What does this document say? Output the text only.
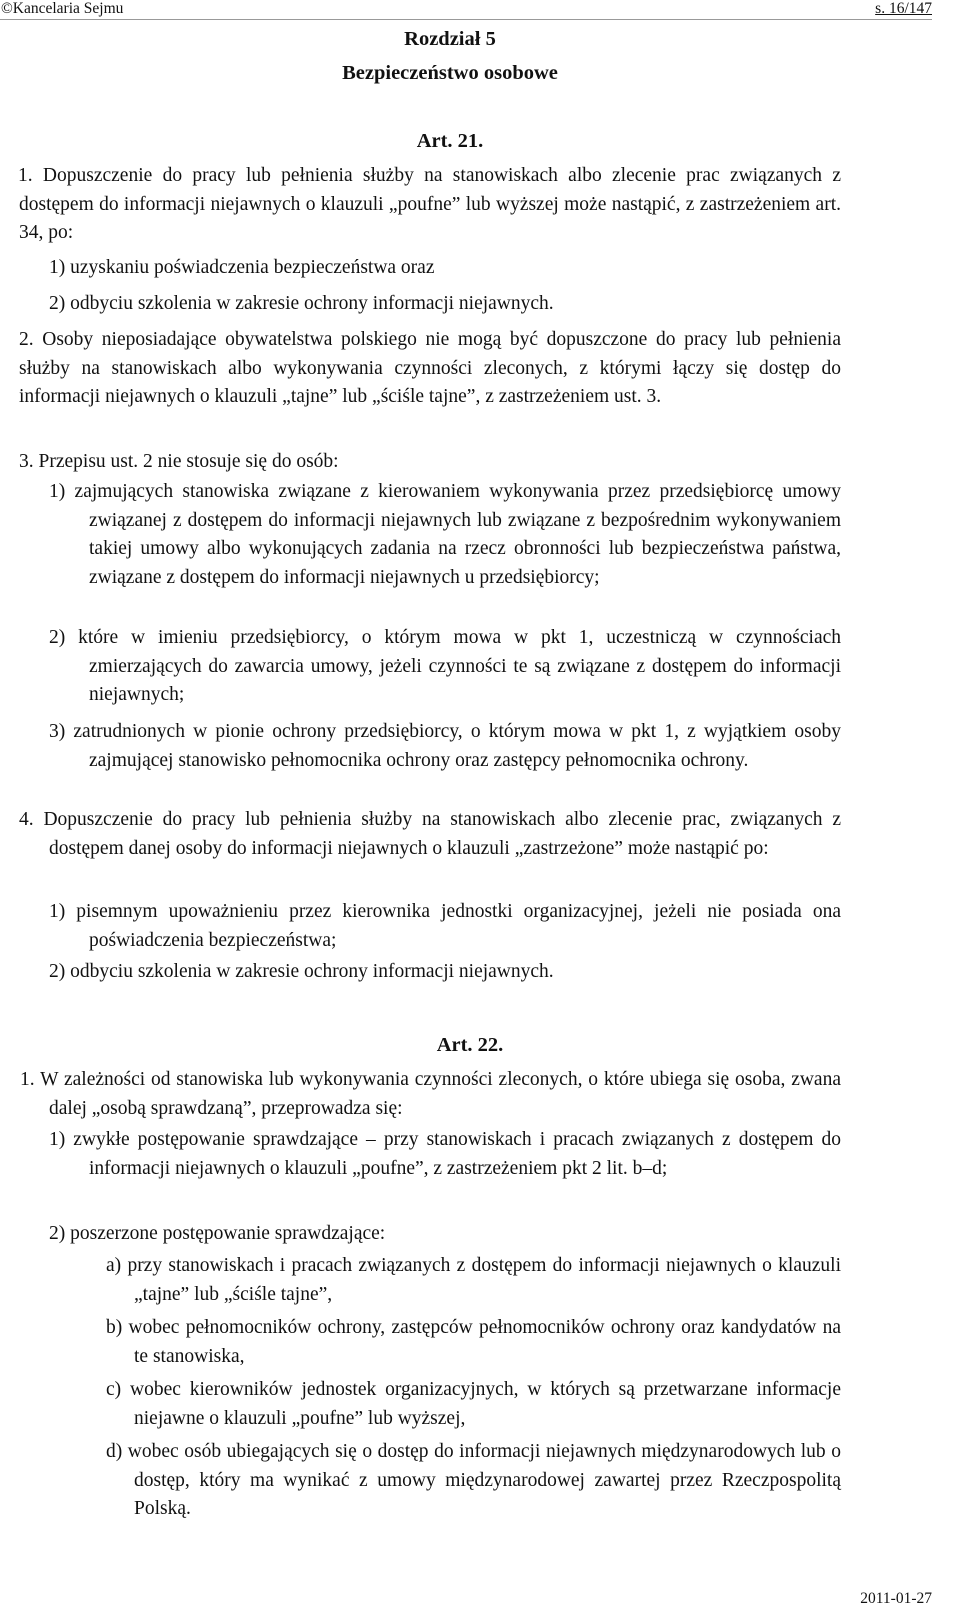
©Kancelaria Sejmu	s. 16/147
Rozdział 5
Bezpieczeństwo osobowe
Art. 21.

1. Dopuszczenie do pracy lub pełnienia służby na stanowiskach albo zlecenie prac związanych z dostępem do informacji niejawnych o klauzuli „poufne” lub wyższej może nastąpić, z zastrzeżeniem art. 34, po:

1) uzyskaniu poświadczenia bezpieczeństwa oraz

2) odbyciu szkolenia w zakresie ochrony informacji niejawnych.

2. Osoby nieposiadające obywatelstwa polskiego nie mogą być dopuszczone do pracy lub pełnienia służby na stanowiskach albo wykonywania czynności zleconych, z którymi łączy się dostęp do informacji niejawnych o klauzuli „tajne” lub „ściśle tajne”, z zastrzeżeniem ust. 3.

3. Przepisu ust. 2 nie stosuje się do osób:

1) zajmujących stanowiska związane z kierowaniem wykonywania przez przedsiębiorcę umowy związanej z dostępem do informacji niejawnych lub związane z bezpośrednim wykonywaniem takiej umowy albo wykonujących zadania na rzecz obronności lub bezpieczeństwa państwa, związane z dostępem do informacji niejawnych u przedsiębiorcy;

2) które w imieniu przedsiębiorcy, o którym mowa w pkt 1, uczestniczą w czynnościach zmierzających do zawarcia umowy, jeżeli czynności te są związane z dostępem do informacji niejawnych;

3) zatrudnionych w pionie ochrony przedsiębiorcy, o którym mowa w pkt 1, z wyjątkiem osoby zajmującej stanowisko pełnomocnika ochrony oraz zastępcy pełnomocnika ochrony.

4. Dopuszczenie do pracy lub pełnienia służby na stanowiskach albo zlecenie prac, związanych z dostępem danej osoby do informacji niejawnych o klauzuli „zastrzeżone” może nastąpić po:

1) pisemnym upoważnieniu przez kierownika jednostki organizacyjnej, jeżeli nie posiada ona poświadczenia bezpieczeństwa;

2) odbyciu szkolenia w zakresie ochrony informacji niejawnych.

Art. 22.

1. W zależności od stanowiska lub wykonywania czynności zleconych, o które ubiega się osoba, zwana dalej „osobą sprawdzaną”, przeprowadza się:

1) zwykłe postępowanie sprawdzające – przy stanowiskach i pracach związanych z dostępem do informacji niejawnych o klauzuli „poufne”, z zastrzeżeniem pkt 2 lit. b–d;

2) poszerzone postępowanie sprawdzające:

a) przy stanowiskach i pracach związanych z dostępem do informacji niejawnych o klauzuli „tajne” lub „ściśle tajne”,

b) wobec pełnomocników ochrony, zastępców pełnomocników ochrony oraz kandydatów na te stanowiska,

c) wobec kierowników jednostek organizacyjnych, w których są przetwarzane informacje niejawne o klauzuli „poufne” lub wyższej,

d) wobec osób ubiegających się o dostęp do informacji niejawnych międzynarodowych lub o dostęp, który ma wynikać z umowy międzynarodowej zawartej przez Rzeczpospolitą Polską.

2011-01-27
